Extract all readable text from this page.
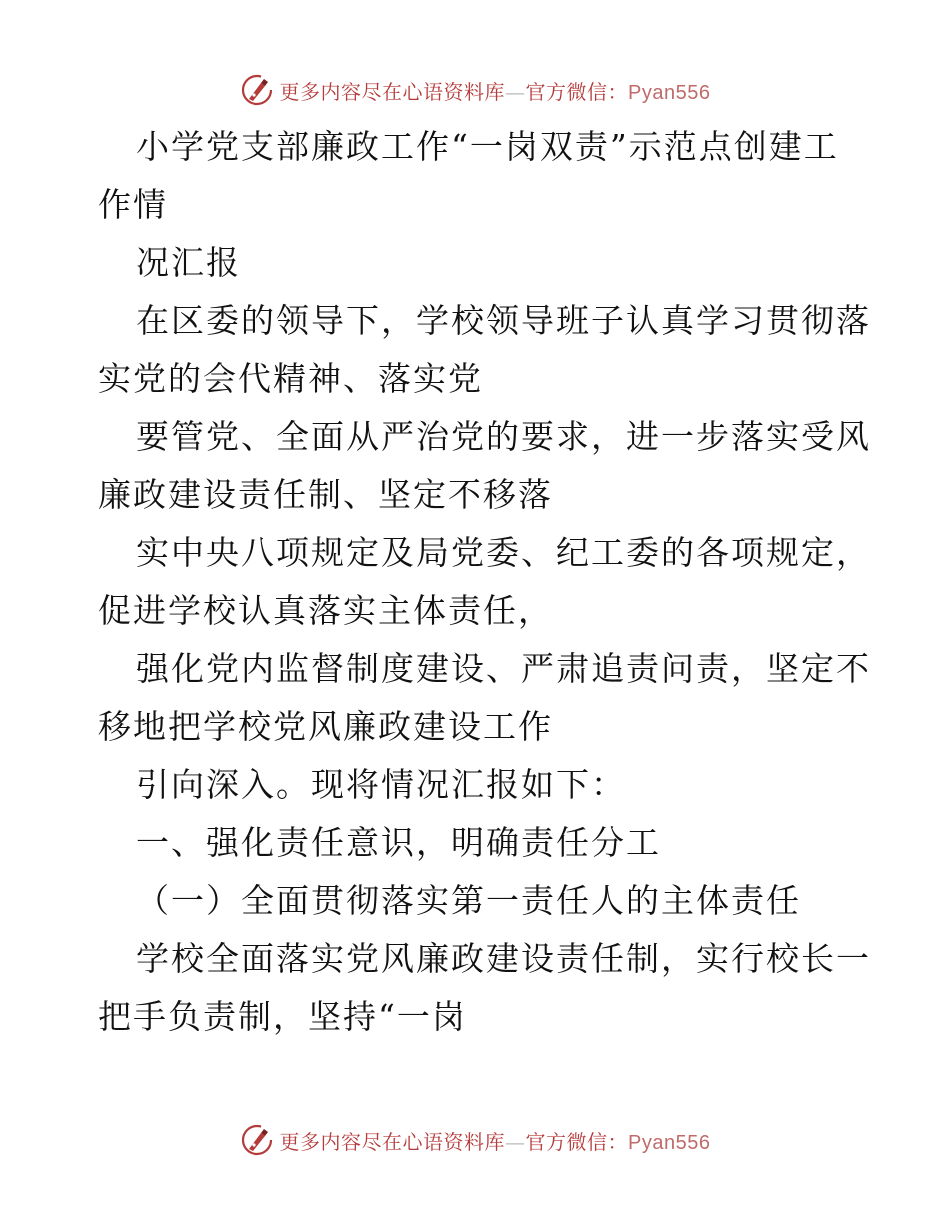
更多内容尽在心语资料库—官方微信：Pyan556
小学党支部廉政工作“一岗双责”示范点创建工
作情
况汇报
在区委的领导下，学校领导班子认真学习贯彻落
实党的会代精神、落实党
要管党、全面从严治党的要求，进一步落实受风
廉政建设责任制、坚定不移落
实中央八项规定及局党委、纪工委的各项规定，
促进学校认真落实主体责任，
强化党内监督制度建设、严肃追责问责，坚定不
移地把学校党风廉政建设工作
引向深入。现将情况汇报如下：
一、强化责任意识，明确责任分工
（一）全面贯彻落实第一责任人的主体责任
学校全面落实党风廉政建设责任制，实行校长一
把手负责制，坚持“一岗
更多内容尽在心语资料库—官方微信：Pyan556
